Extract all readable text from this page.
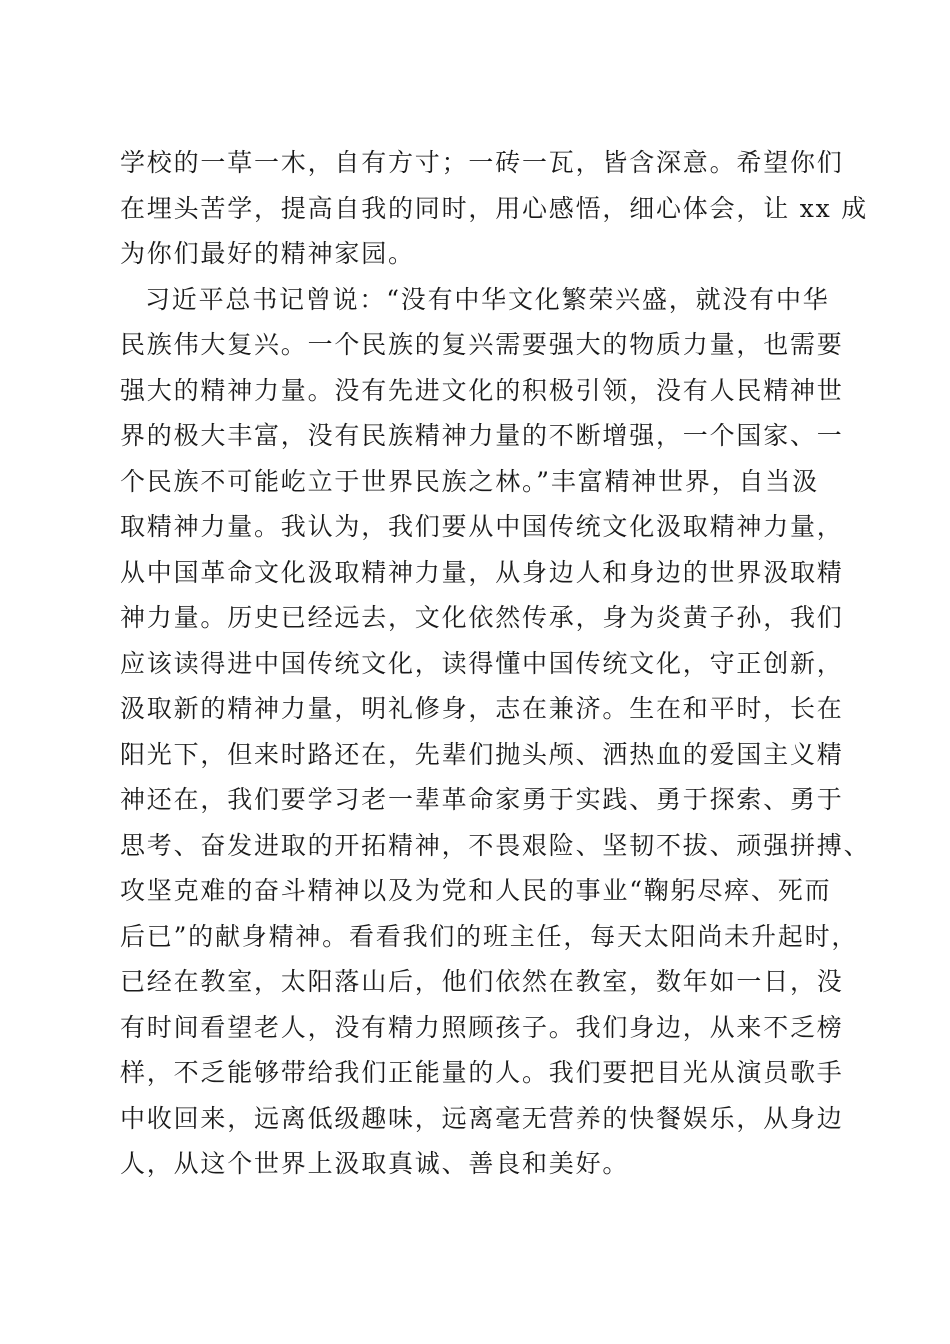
学校的一草一木，自有方寸；一砖一瓦，皆含深意。希望你们
在埋头苦学，提高自我的同时，用心感悟，细心体会，让 xx 成
为你们最好的精神家园。
习近平总书记曾说：“没有中华文化繁荣兴盛，就没有中华
民族伟大复兴。一个民族的复兴需要强大的物质力量，也需要
强大的精神力量。没有先进文化的积极引领，没有人民精神世
界的极大丰富，没有民族精神力量的不断增强，一个国家、一
个民族不可能屹立于世界民族之林。”丰富精神世界，自当汲
取精神力量。我认为，我们要从中国传统文化汲取精神力量，
从中国革命文化汲取精神力量，从身边人和身边的世界汲取精
神力量。历史已经远去，文化依然传承，身为炎黄子孙，我们
应该读得进中国传统文化，读得懂中国传统文化，守正创新，
汲取新的精神力量，明礼修身，志在兼济。生在和平时，长在
阳光下，但来时路还在，先辈们抛头颅、洒热血的爱国主义精
神还在，我们要学习老一辈革命家勇于实践、勇于探索、勇于
思考、奋发进取的开拓精神，不畏艰险、坚韧不拔、顽强拼搏、
攻坚克难的奋斗精神以及为党和人民的事业“鞠躬尽瘁、死而
后已”的献身精神。看看我们的班主任，每天太阳尚未升起时，
已经在教室，太阳落山后，他们依然在教室，数年如一日，没
有时间看望老人，没有精力照顾孩子。我们身边，从来不乏榜
样，不乏能够带给我们正能量的人。我们要把目光从演员歌手
中收回来，远离低级趣味，远离毫无营养的快餐娱乐，从身边
人，从这个世界上汲取真诚、善良和美好。
